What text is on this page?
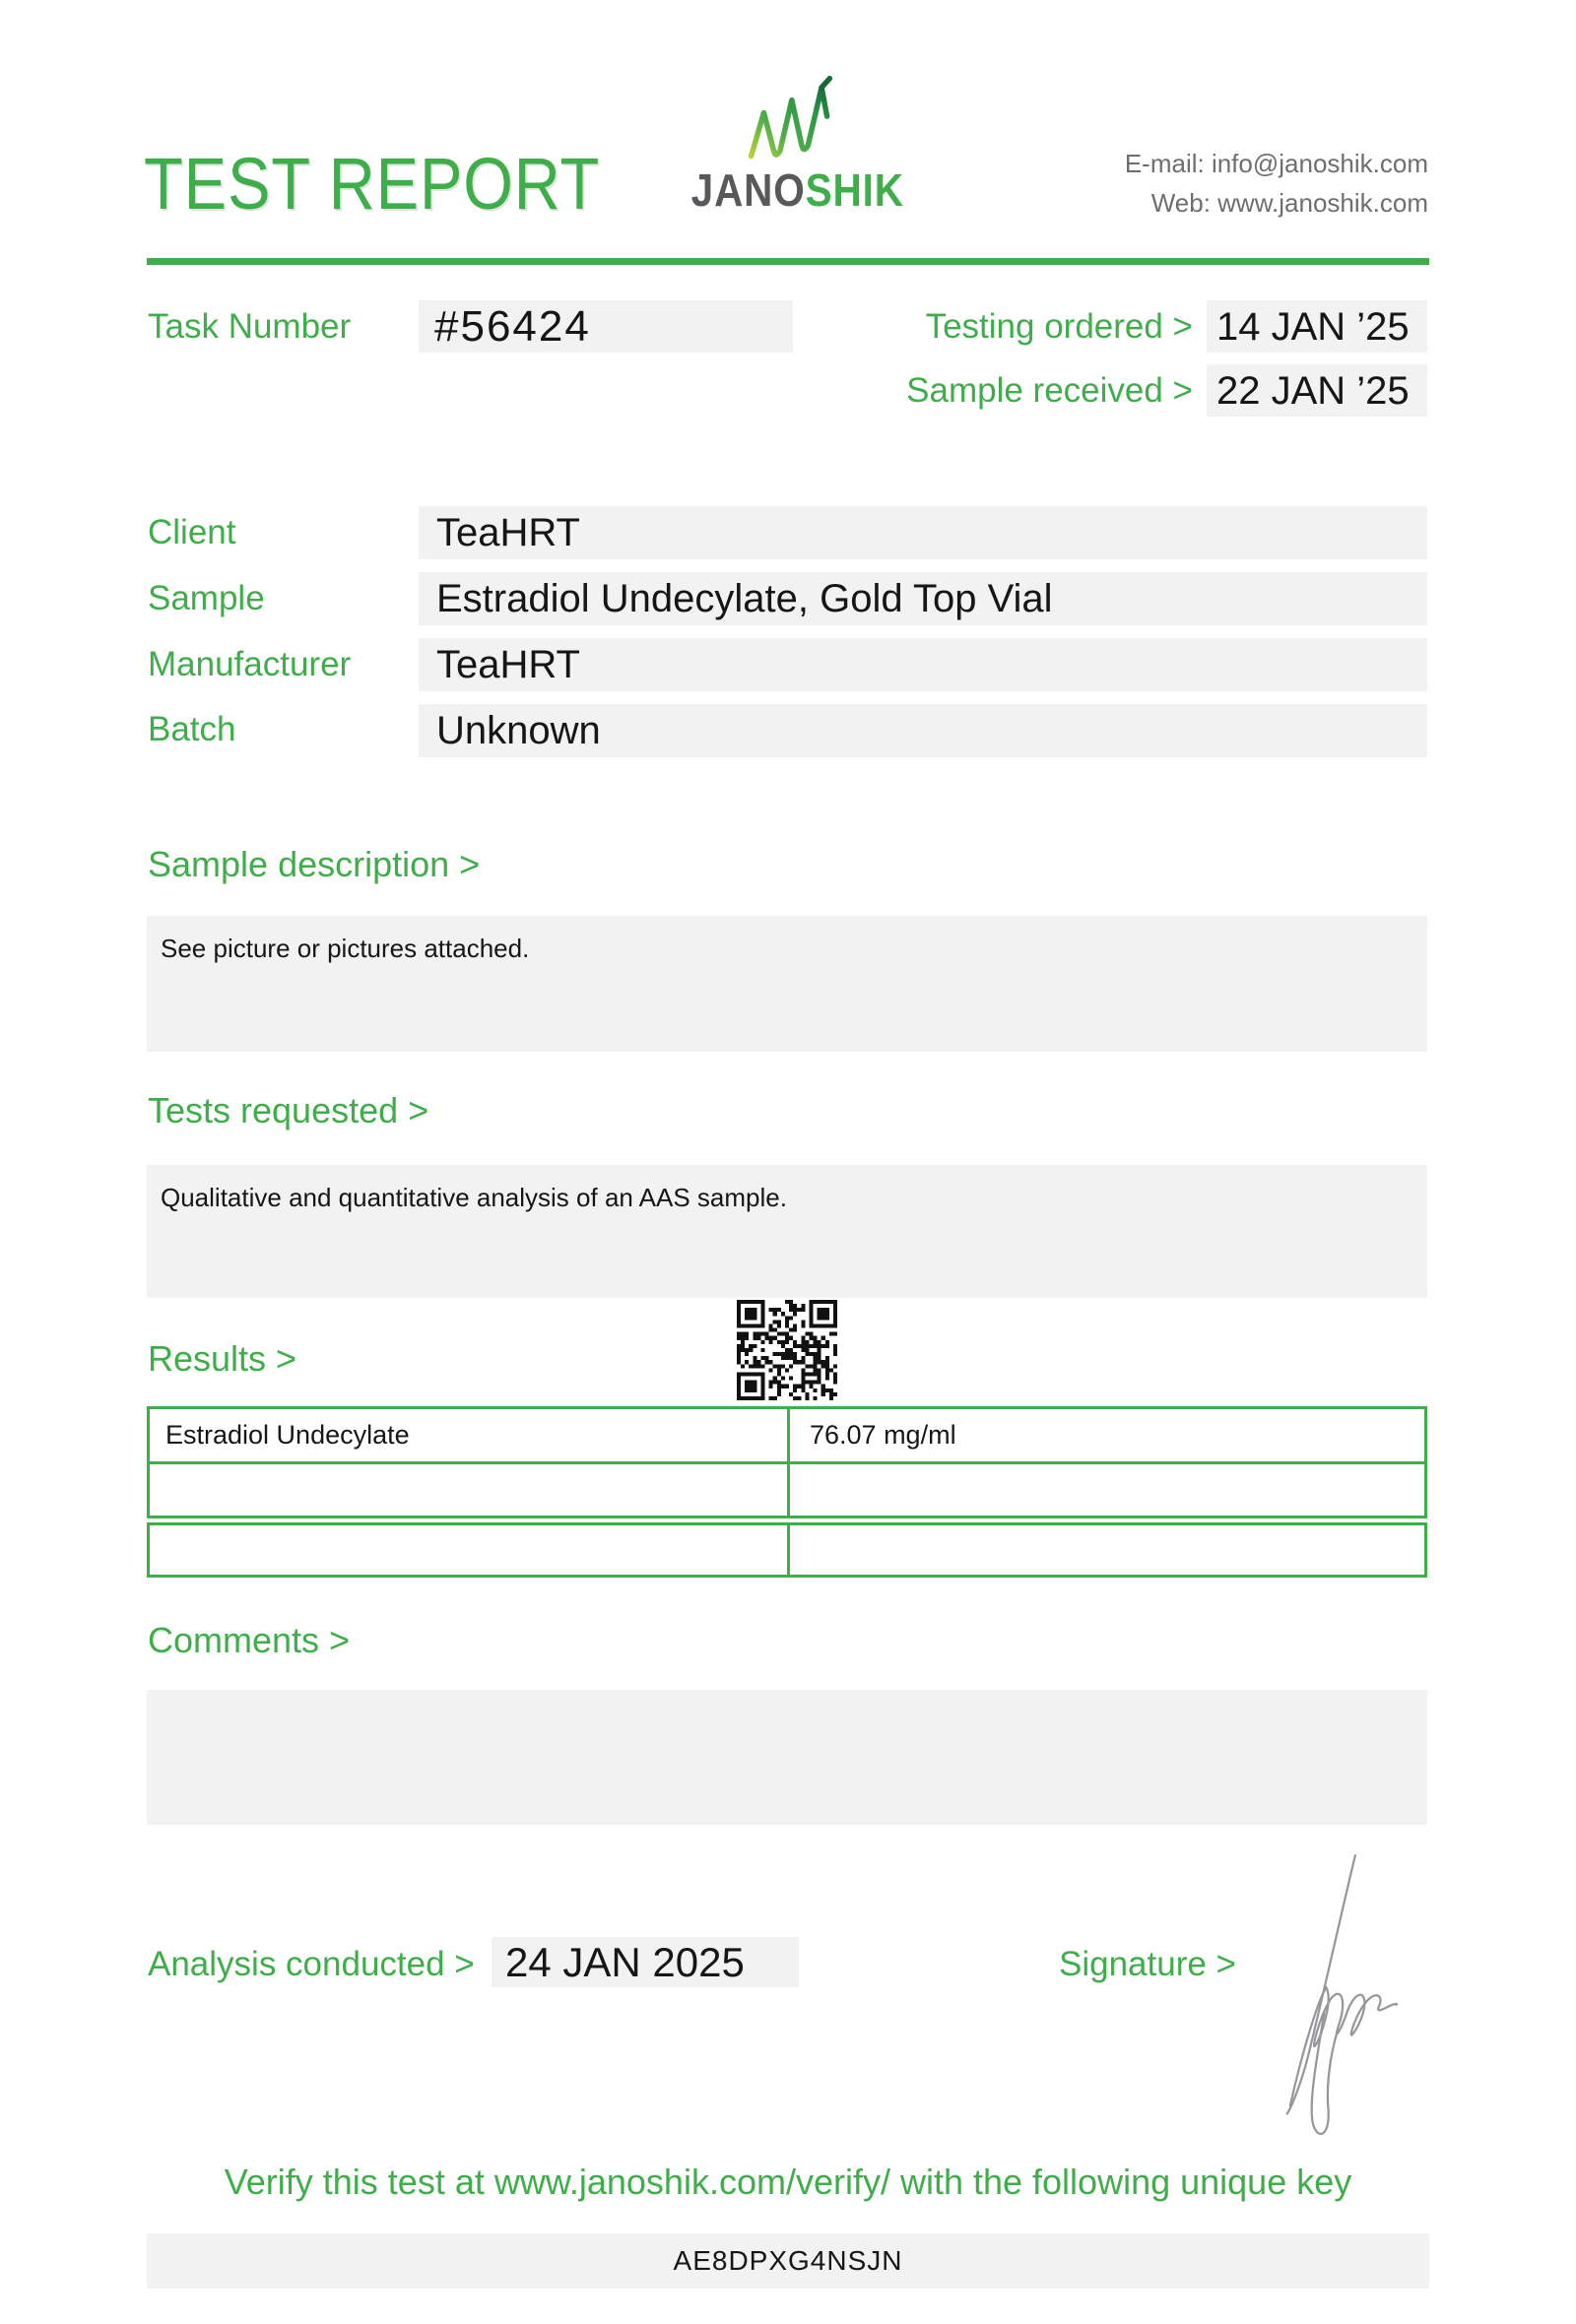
TEST REPORT JANOSHIK
E-mail: info@janoshik.com
Web: www.janoshik.com
Task Number	#56424	Testing ordered > 14 JAN ’25
Sample received > 22 JAN ’25
Client	TeaHRT
Sample	Estradiol Undecylate, Gold Top Vial
Manufacturer	TeaHRT
Batch	Unknown
Sample description >
See picture or pictures attached.
Tests requested >
Qualitative and quantitative analysis of an AAS sample.
Results >
Estradiol Undecylate	76.07 mg/ml
Comments >
Analysis conducted > 24 JAN 2025	Signature >
Verify this test at www.janoshik.com/verify/ with the following unique key
AE8DPXG4NSJN
